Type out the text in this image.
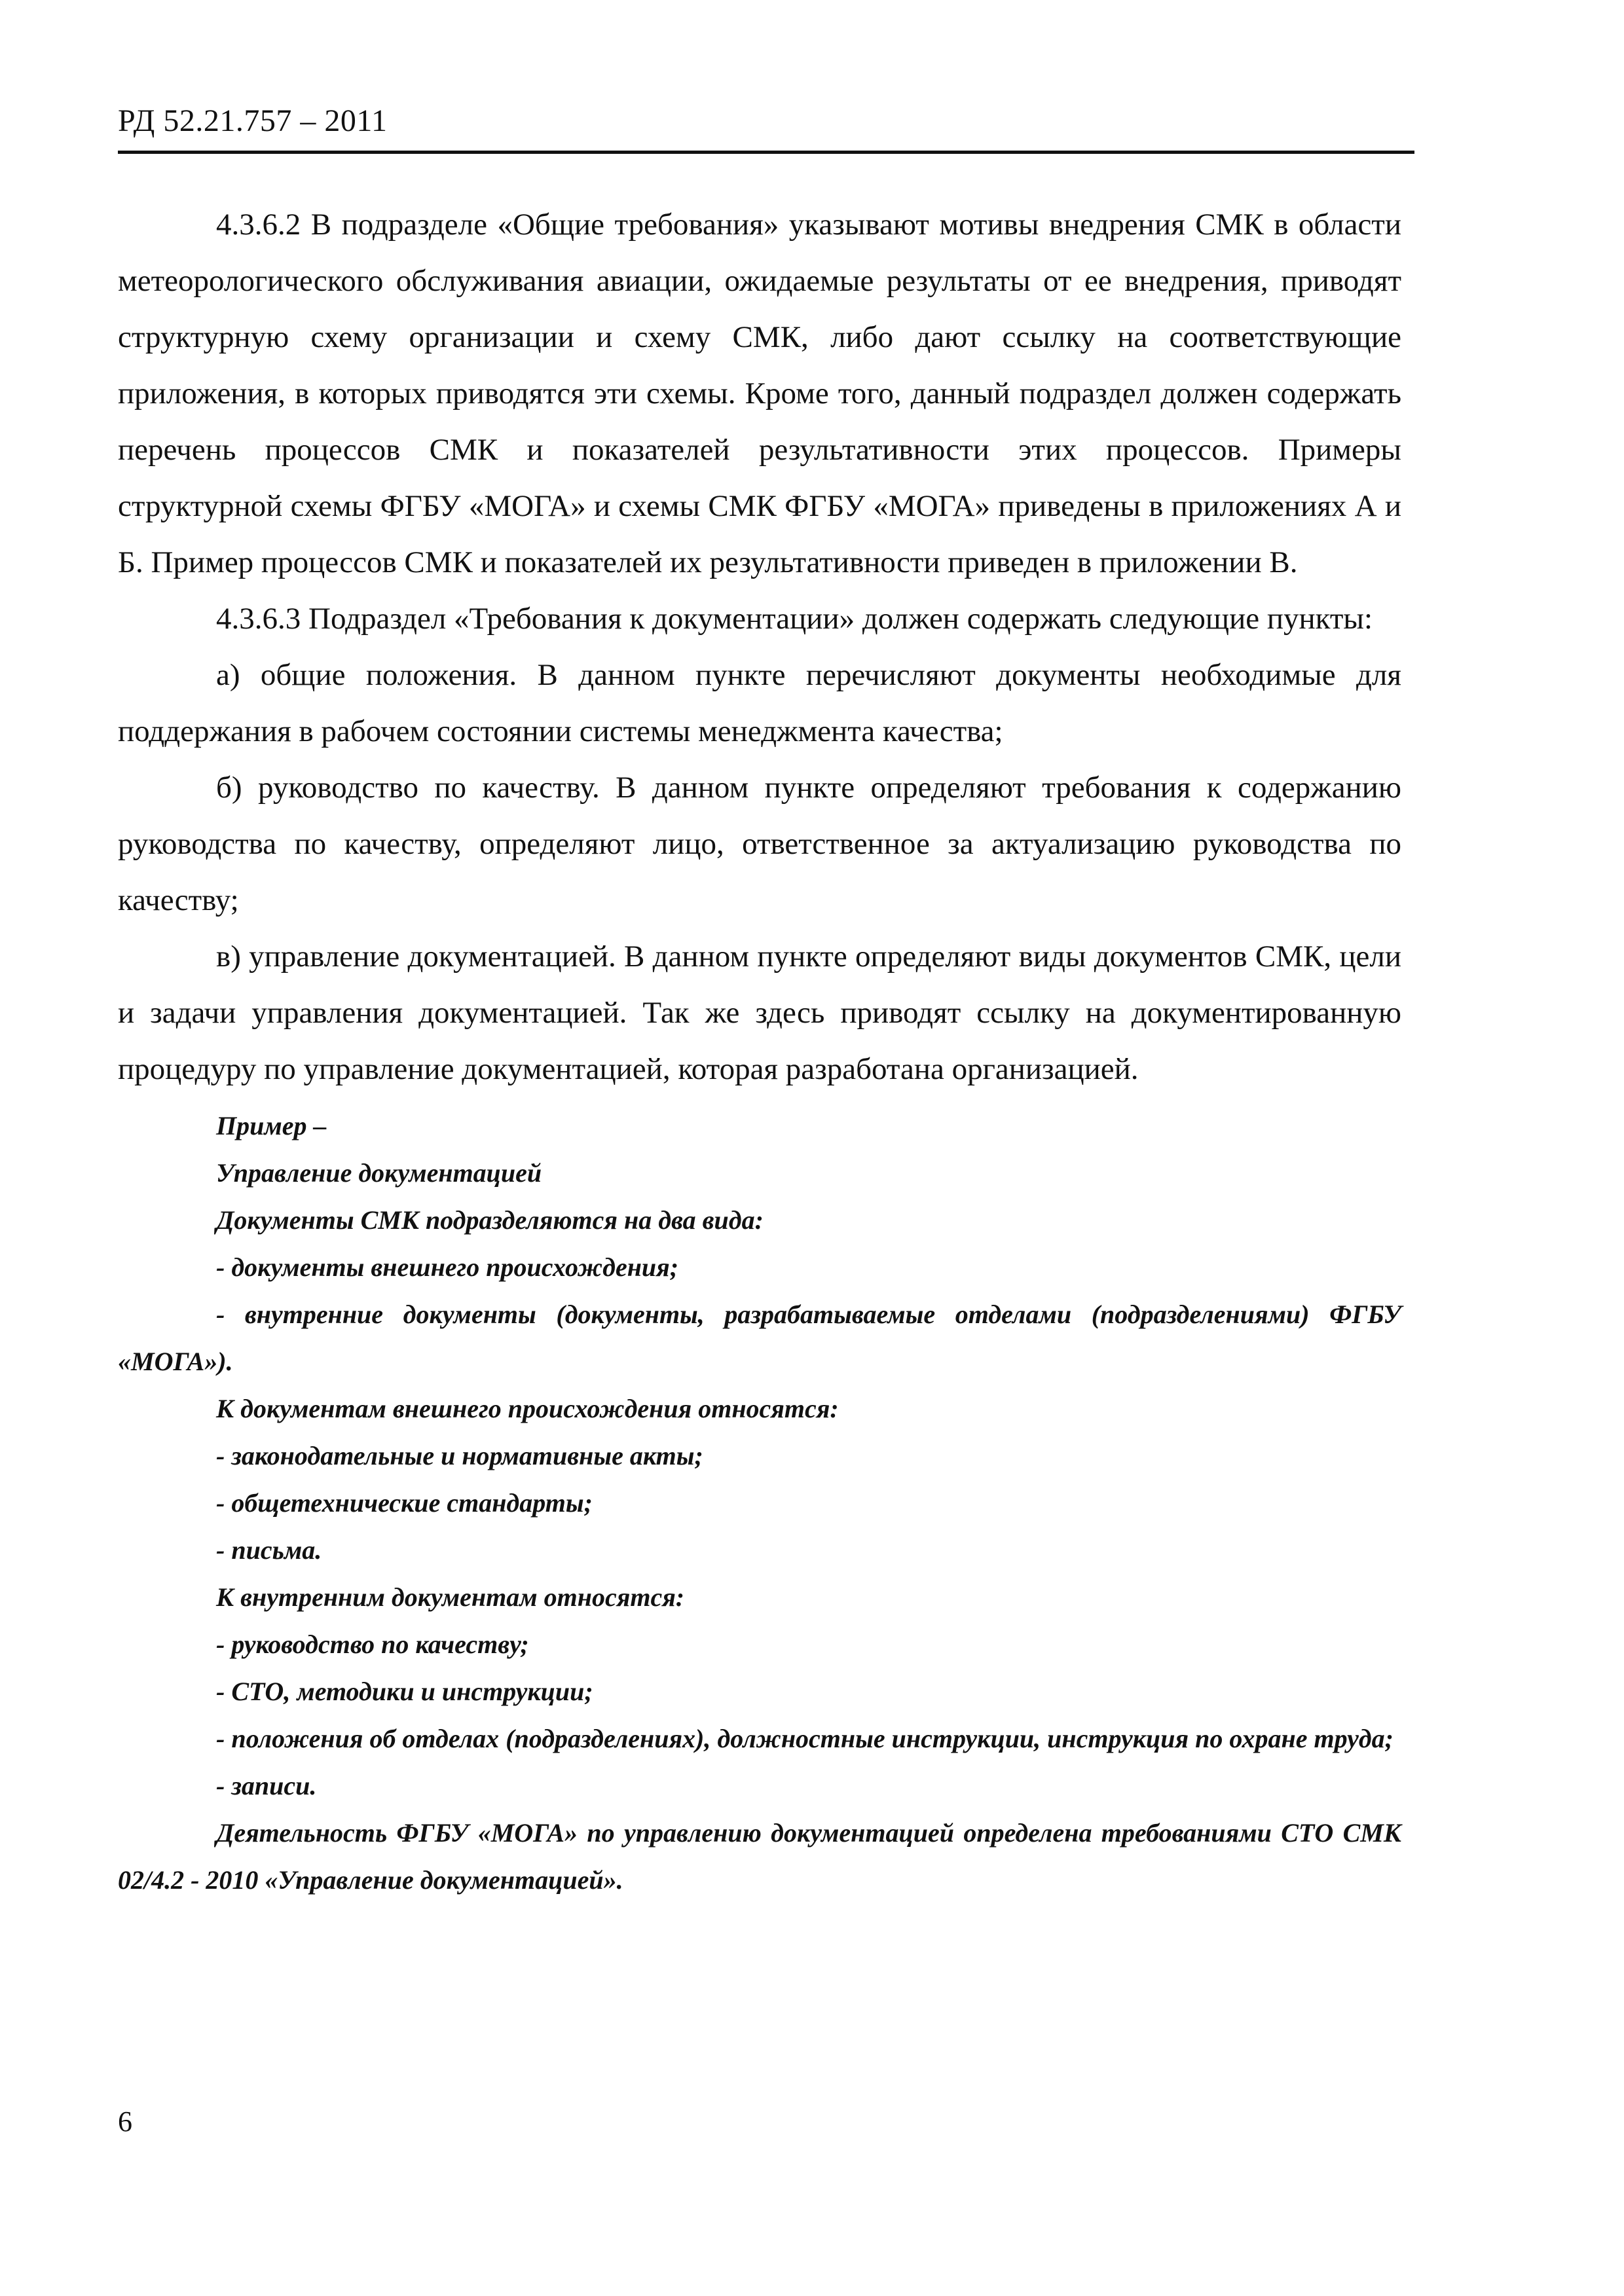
РД 52.21.757 – 2011

4.3.6.2 В подразделе «Общие требования» указывают мотивы внедрения СМК в области метеорологического обслуживания авиации, ожидаемые результаты от ее внедрения, приводят структурную схему организации и схему СМК, либо дают ссылку на соответствующие приложения, в которых приводятся эти схемы. Кроме того, данный подраздел должен содержать перечень процессов СМК и показателей результативности этих процессов. Примеры структурной схемы ФГБУ «МОГА» и схемы СМК ФГБУ «МОГА» приведены в приложениях А и Б. Пример процессов СМК и показателей их результативности приведен в приложении В.

4.3.6.3 Подраздел «Требования к документации» должен содержать следующие пункты:

а) общие положения. В данном пункте перечисляют документы необходимые для поддержания в рабочем состоянии системы менеджмента качества;

б) руководство по качеству. В данном пункте определяют требования к содержанию руководства по качеству, определяют лицо, ответственное за актуализацию руководства по качеству;

в) управление документацией. В данном пункте определяют виды документов СМК, цели и задачи управления документацией. Так же здесь приводят ссылку на документированную процедуру по управление документацией, которая разработана организацией.

Пример –

Управление документацией

Документы СМК подразделяются на два вида:

- документы внешнего происхождения;

- внутренние документы (документы, разрабатываемые отделами (подразделениями) ФГБУ «МОГА»).

К документам внешнего происхождения относятся:

- законодательные и нормативные акты;

- общетехнические стандарты;

- письма.

К внутренним документам относятся:

- руководство по качеству;

- СТО, методики и инструкции;

- положения об отделах (подразделениях), должностные инструкции, инструкция по охране труда;

- записи.

Деятельность ФГБУ «МОГА» по управлению документацией определена требованиями СТО СМК 02/4.2 - 2010 «Управление документацией».

6
